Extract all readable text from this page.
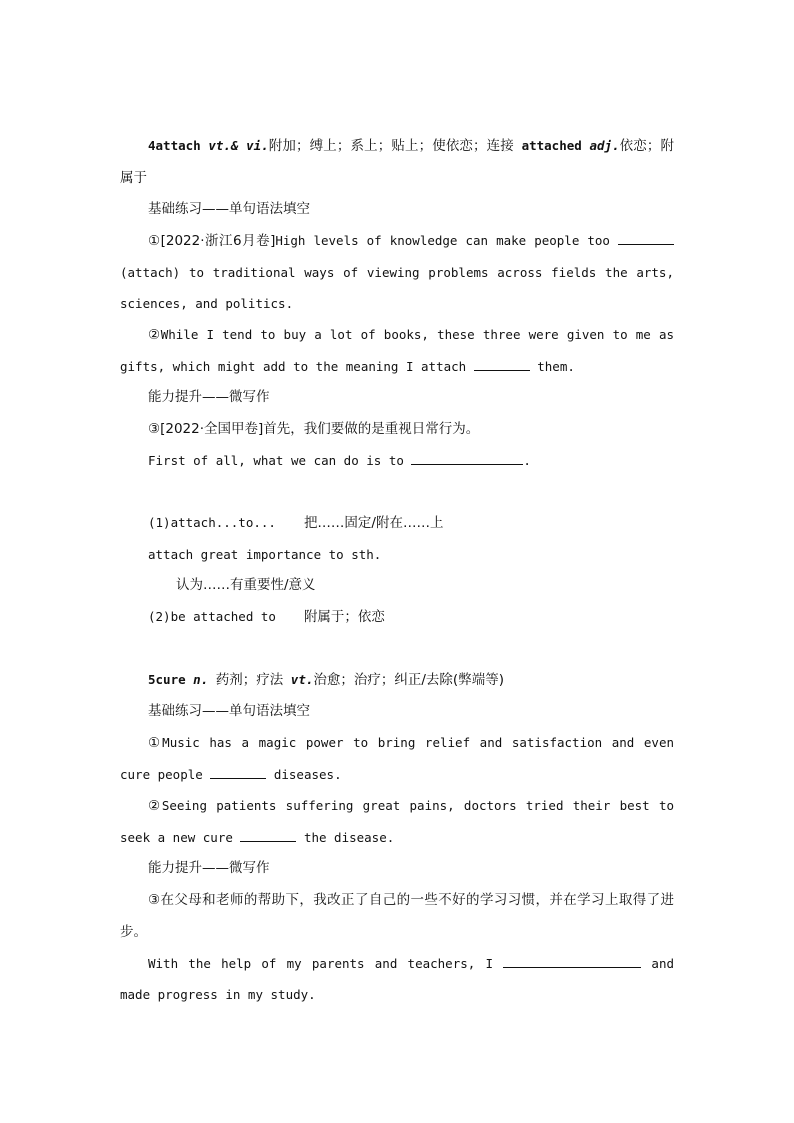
4attach vt.& vi.附加；缚上；系上；贴上；使依恋；连接 attached adj.依恋；附属于
基础练习——单句语法填空
①[2022·浙江6月卷]High levels of knowledge can make people too  (attach) to traditional ways of viewing problems across fields the arts, sciences, and politics.
②While I tend to buy a lot of books, these three were given to me as gifts, which might add to the meaning I attach	them.
能力提升——微写作
③[2022·全国甲卷]首先，我们要做的是重视日常行为。
First of all, what we can do is to	.
(1)attach...to... 把……固定/附在……上
attach great importance to sth.
认为……有重要性/意义
(2)be attached to 附属于；依恋
5cure n. 药剂；疗法 vt.治愈；治疗；纠正/去除(弊端等)
基础练习——单句语法填空
①Music has a magic power to bring relief and satisfaction and even cure people	diseases.
②Seeing patients suffering great pains, doctors tried their best to seek a new cure	the disease.
能力提升——微写作
③在父母和老师的帮助下，我改正了自己的一些不好的学习习惯，并在学习上取得了进步。
With the help of my parents and teachers, I	and made progress in my study.
